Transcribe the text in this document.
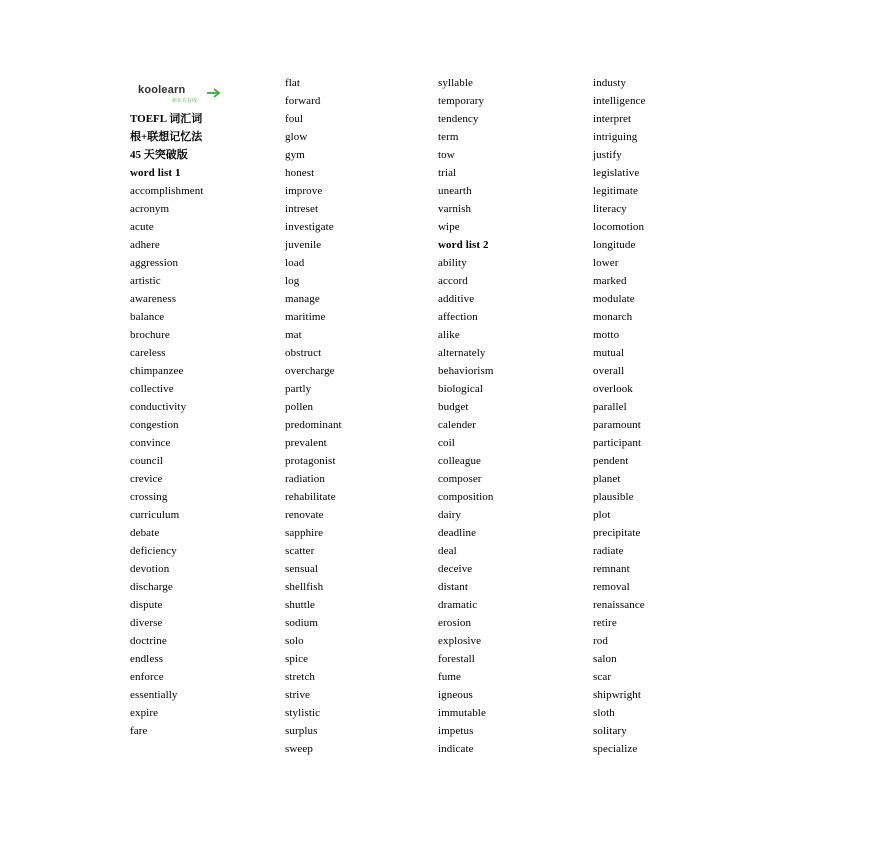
koolearn
新东方在线
TOEFL 词汇词
根+联想记忆法
45 天突破版
word list 1
accomplishment
acronym
acute
adhere
aggression
artistic
awareness
balance
brochure
careless
chimpanzee
collective
conductivity
congestion
convince
council
crevice
crossing
curriculum
debate
deficiency
devotion
discharge
dispute
diverse
doctrine
endless
enforce
essentially
expire
fare
flat
forward
foul
glow
gym
honest
improve
intreset
investigate
juvenile
load
log
manage
maritime
mat
obstruct
overcharge
partly
pollen
predominant
prevalent
protagonist
radiation
rehabilitate
renovate
sapphire
scatter
sensual
shellfish
shuttle
sodium
solo
spice
stretch
strive
stylistic
surplus
sweep
syllable
temporary
tendency
term
tow
trial
unearth
varnish
wipe
word list 2
ability
accord
additive
affection
alike
alternately
behaviorism
biological
budget
calender
coil
colleague
composer
composition
dairy
deadline
deal
deceive
distant
dramatic
erosion
explosive
forestall
fume
igneous
immutable
impetus
indicate
industy
intelligence
interpret
intriguing
justify
legislative
legitimate
literacy
locomotion
longitude
lower
marked
modulate
monarch
motto
mutual
overall
overlook
parallel
paramount
participant
pendent
planet
plausible
plot
precipitate
radiate
remnant
removal
renaissance
retire
rod
salon
scar
shipwright
sloth
solitary
specialize
